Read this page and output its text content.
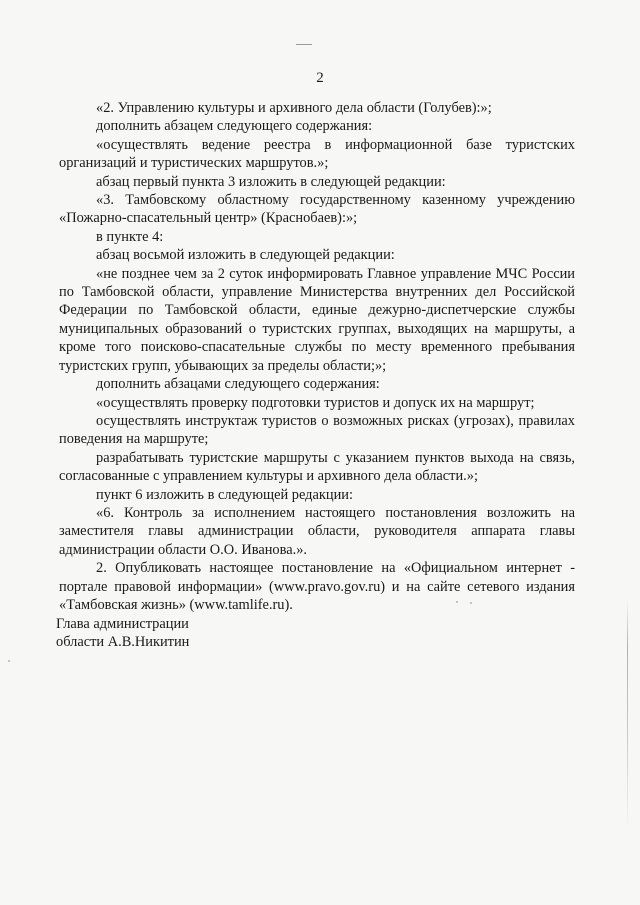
2

«2. Управлению культуры и архивного дела области (Голубев):»;

дополнить абзацем следующего содержания:

«осуществлять ведение реестра в информационной базе туристских организаций и туристических маршрутов.»;

абзац первый пункта 3 изложить в следующей редакции:

«3. Тамбовскому областному государственному казенному учреждению «Пожарно-спасательный центр» (Краснобаев):»;

в пункте 4:

абзац восьмой изложить в следующей редакции:

«не позднее чем за 2 суток информировать Главное управление МЧС России по Тамбовской области, управление Министерства внутренних дел Российской Федерации по Тамбовской области, единые дежурно-диспетчерские службы муниципальных образований о туристских группах, выходящих на маршруты, а кроме того поисково-спасательные службы по месту временного пребывания туристских групп, убывающих за пределы области;»;

дополнить абзацами следующего содержания:

«осуществлять проверку подготовки туристов и допуск их на маршрут;

осуществлять инструктаж туристов о возможных рисках (угрозах), правилах поведения на маршруте;

разрабатывать туристские маршруты с указанием пунктов выхода на связь, согласованные с управлением культуры и архивного дела области.»;

пункт 6 изложить в следующей редакции:

«6. Контроль за исполнением настоящего постановления возложить на заместителя главы администрации области, руководителя аппарата главы администрации области О.О. Иванова.».

2. Опубликовать настоящее постановление на «Официальном интернет - портале правовой информации» (www.pravo.gov.ru) и на сайте сетевого издания «Тамбовская жизнь» (www.tamlife.ru).

Глава администрации
области А.В.Никитин
